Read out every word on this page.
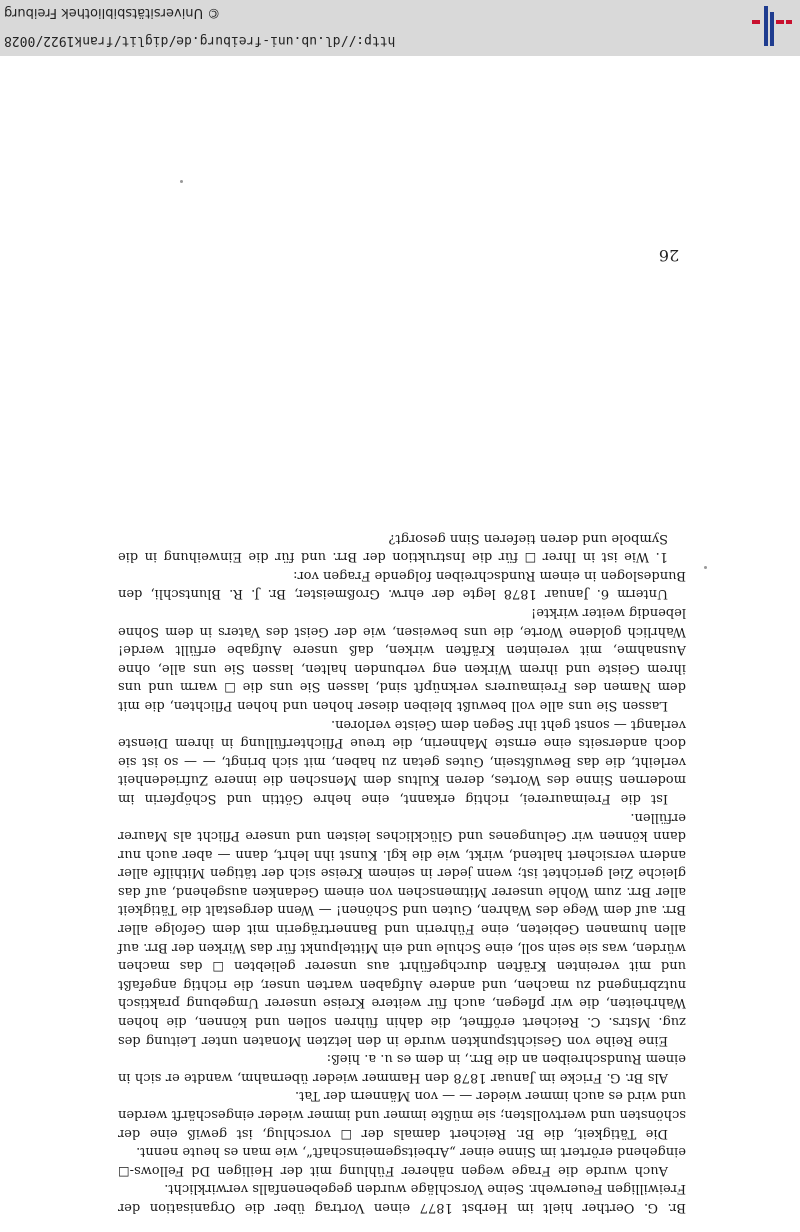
© Universitätsbibliothek Freiburg
http://dl.ub.uni-freiburg.de/diglit/frank1922/0028
26

Br. G. Oerther hielt im Herbst 1877 einen Vortrag über die Organisation der Freiwilligen Feuerwehr. Seine Vorschläge wurden gegebenenfalls verwirklicht.

Auch wurde die Frage wegen näherer Fühlung mit der Heiligen Dd Fellows-☐ eingehend erörtert im Sinne einer „Arbeitsgemeinschaft“, wie man es heute nennt.

Die Tätigkeit, die Br. Reichert damals der ☐ vorschlug, ist gewiß eine der schönsten und wertvollsten; sie müßte immer und immer wieder eingeschärft werden und wird es auch immer wieder — — von Männern der Tat.

Als Br. G. Fricke im Januar 1878 den Hammer wieder übernahm, wandte er sich in einem Rundschreiben an die Brr., in dem es u. a. hieß:

Eine Reihe von Gesichtspunkten wurde in den letzten Monaten unter Leitung des zug. Mstrs. C. Reichert eröffnet, die dahin führen sollen und können, die hohen Wahrheiten, die wir pflegen, auch für weitere Kreise unserer Umgebung praktisch nutzbringend zu machen, und andere Aufgaben warten unser, die richtig angefaßt und mit vereinten Kräften durchgeführt aus unserer geliebten ☐ das machen würden, was sie sein soll, eine Schule und ein Mittelpunkt für das Wirken der Brr. auf allen humanen Gebieten, eine Führerin und Bannerträgerin mit dem Gefolge aller Brr. auf dem Wege des Wahren, Guten und Schönen! — Wenn dergestalt die Tätigkeit aller Brr. zum Wohle unserer Mitmenschen von einem Gedanken ausgehend, auf das gleiche Ziel gerichtet ist; wenn jeder in seinem Kreise sich der tätigen Mithilfe aller andern versichert haltend, wirkt, wie die kgl. Kunst ihn lehrt, dann — aber auch nur dann können wir Gelungenes und Glückliches leisten und unsere Pflicht als Maurer erfüllen.

Ist die Freimaurerei, richtig erkannt, eine hehre Göttin und Schöpferin im modernen Sinne des Wortes, deren Kultus dem Menschen die innere Zufriedenheit verleiht, die das Bewußtsein, Gutes getan zu haben, mit sich bringt, — — so ist sie doch anderseits eine ernste Mahnerin, die treue Pflichterfüllung in ihrem Dienste verlangt — sonst geht ihr Segen dem Geiste verloren.

Lassen Sie uns alle voll bewußt bleiben dieser hohen und hohen Pflichten, die mit dem Namen des Freimaurers verknüpft sind, lassen Sie uns die ☐ warm und uns ihrem Geiste und ihrem Wirken eng verbunden halten, lassen Sie uns alle, ohne Ausnahme, mit vereinten Kräften wirken, daß unsere Aufgabe erfüllt werde! Wahrlich goldene Worte, die uns beweisen, wie der Geist des Vaters in dem Sohne lebendig weiter wirkte!

Unterm 6. Januar 1878 legte der ehrw. Großmeister, Br. J. R. Bluntschli, den Bundeslogen in einem Rundschreiben folgende Fragen vor:

1. Wie ist in Ihrer ☐ für die Instruktion der Brr. und für die Einweihung in die Symbole und deren tieferen Sinn gesorgt?
